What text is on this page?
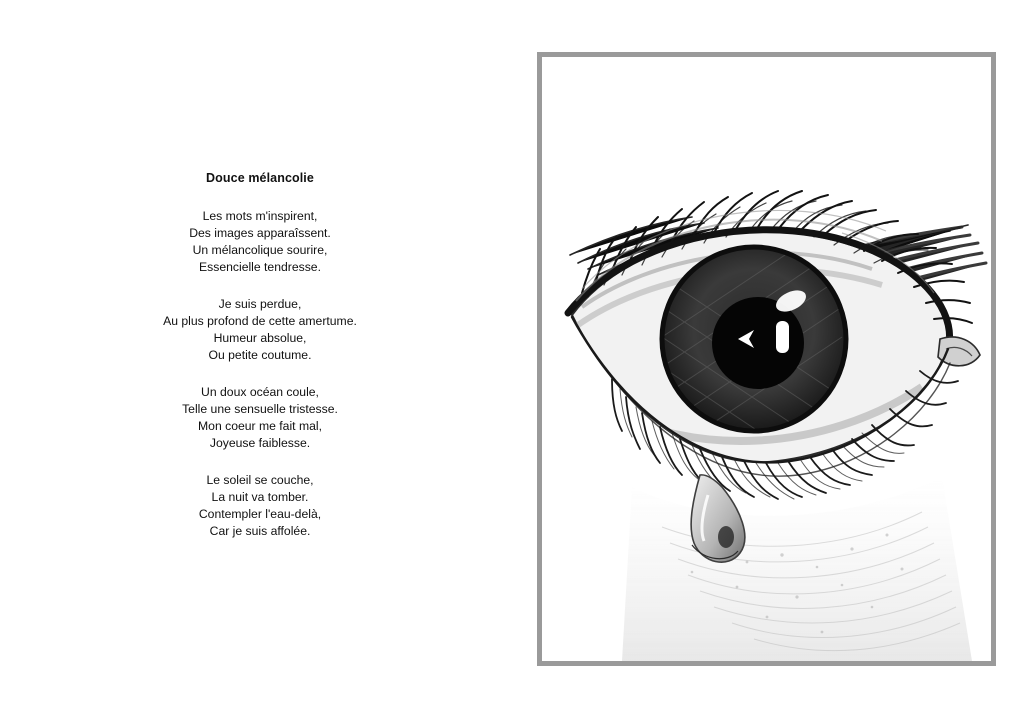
Douce mélancolie
Les mots m'inspirent,
Des images apparaîssent.
Un mélancolique sourire,
Essencielle tendresse.
Je suis perdue,
Au plus profond de cette amertume.
Humeur absolue,
Ou petite coutume.
Un doux océan coule,
Telle une sensuelle tristesse.
Mon coeur me fait mal,
Joyeuse faiblesse.
Le soleil se couche,
La nuit va tomber.
Contempler l'eau-delà,
Car je suis affolée.
